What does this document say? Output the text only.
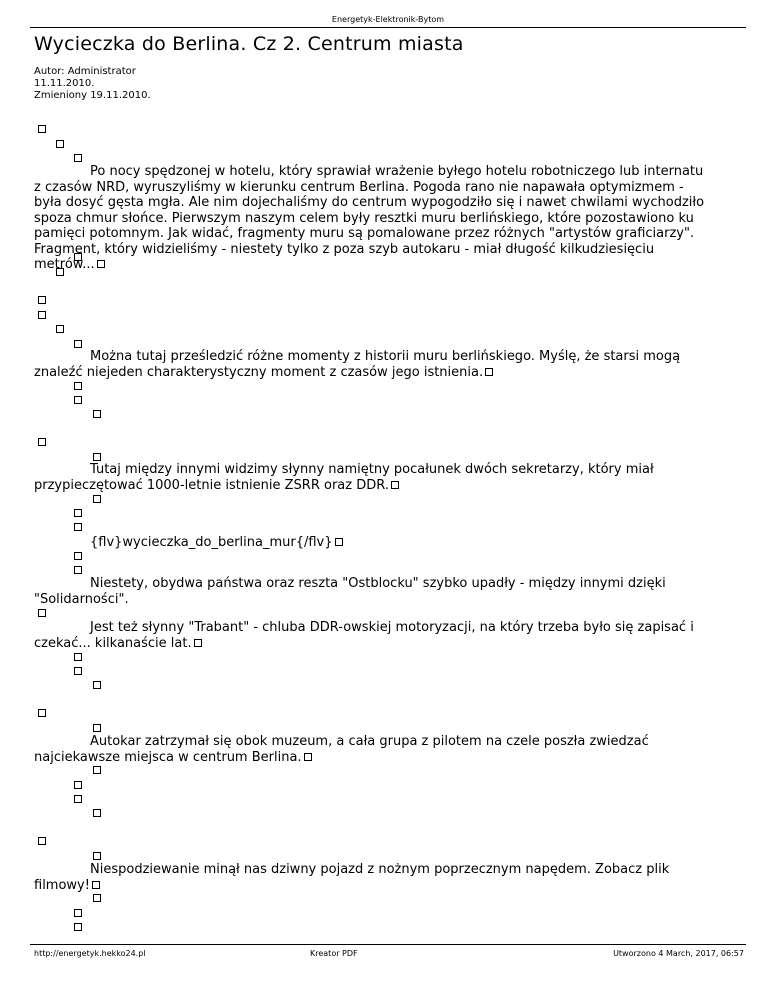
Energetyk-Elektronik-Bytom
Wycieczka do Berlina. Cz 2. Centrum miasta
Autor: Administrator
11.11.2010.
Zmieniony 19.11.2010.

Po nocy spędzonej w hotelu, który sprawiał wrażenie byłego hotelu robotniczego lub internatu z czasów NRD, wyruszyliśmy w kierunku centrum Berlina. Pogoda rano nie napawała optymizmem - była dosyć gęsta mgła. Ale nim dojechaliśmy do centrum wypogodziło się i nawet chwilami wychodziło spoza chmur słońce. Pierwszym naszym celem były resztki muru berlińskiego, które pozostawiono ku pamięci potomnym. Jak widać, fragmenty muru są pomalowane przez różnych "artystów graficiarzy". Fragment, który widzieliśmy - niestety tylko z poza szyb autokaru - miał długość kilkudziesięciu metrów...

Można tutaj prześledzić różne momenty z historii muru berlińskiego. Myślę, że starsi mogą znaleźć niejeden charakterystyczny moment z czasów jego istnienia.

Tutaj między innymi widzimy słynny namiętny pocałunek dwóch sekretarzy, który miał przypieczętować 1000-letnie istnienie ZSRR oraz DDR.

{flv}wycieczka_do_berlina_mur{/flv}

Niestety, obydwa państwa oraz reszta "Ostblocku" szybko upadły - między innymi dzięki "Solidarności".

Jest też słynny "Trabant" - chluba DDR-owskiej motoryzacji, na który trzeba było się zapisać i czekać... kilkanaście lat.

Autokar zatrzymał się obok muzeum, a cała grupa z pilotem na czele poszła zwiedzać najciekawsze miejsca w centrum Berlina.

Niespodziewanie minął nas dziwny pojazd z nożnym poprzecznym napędem. Zobacz plik filmowy!

http://energetyk.hekko24.pl	Kreator PDF	Utworzono 4 March, 2017, 06:57
